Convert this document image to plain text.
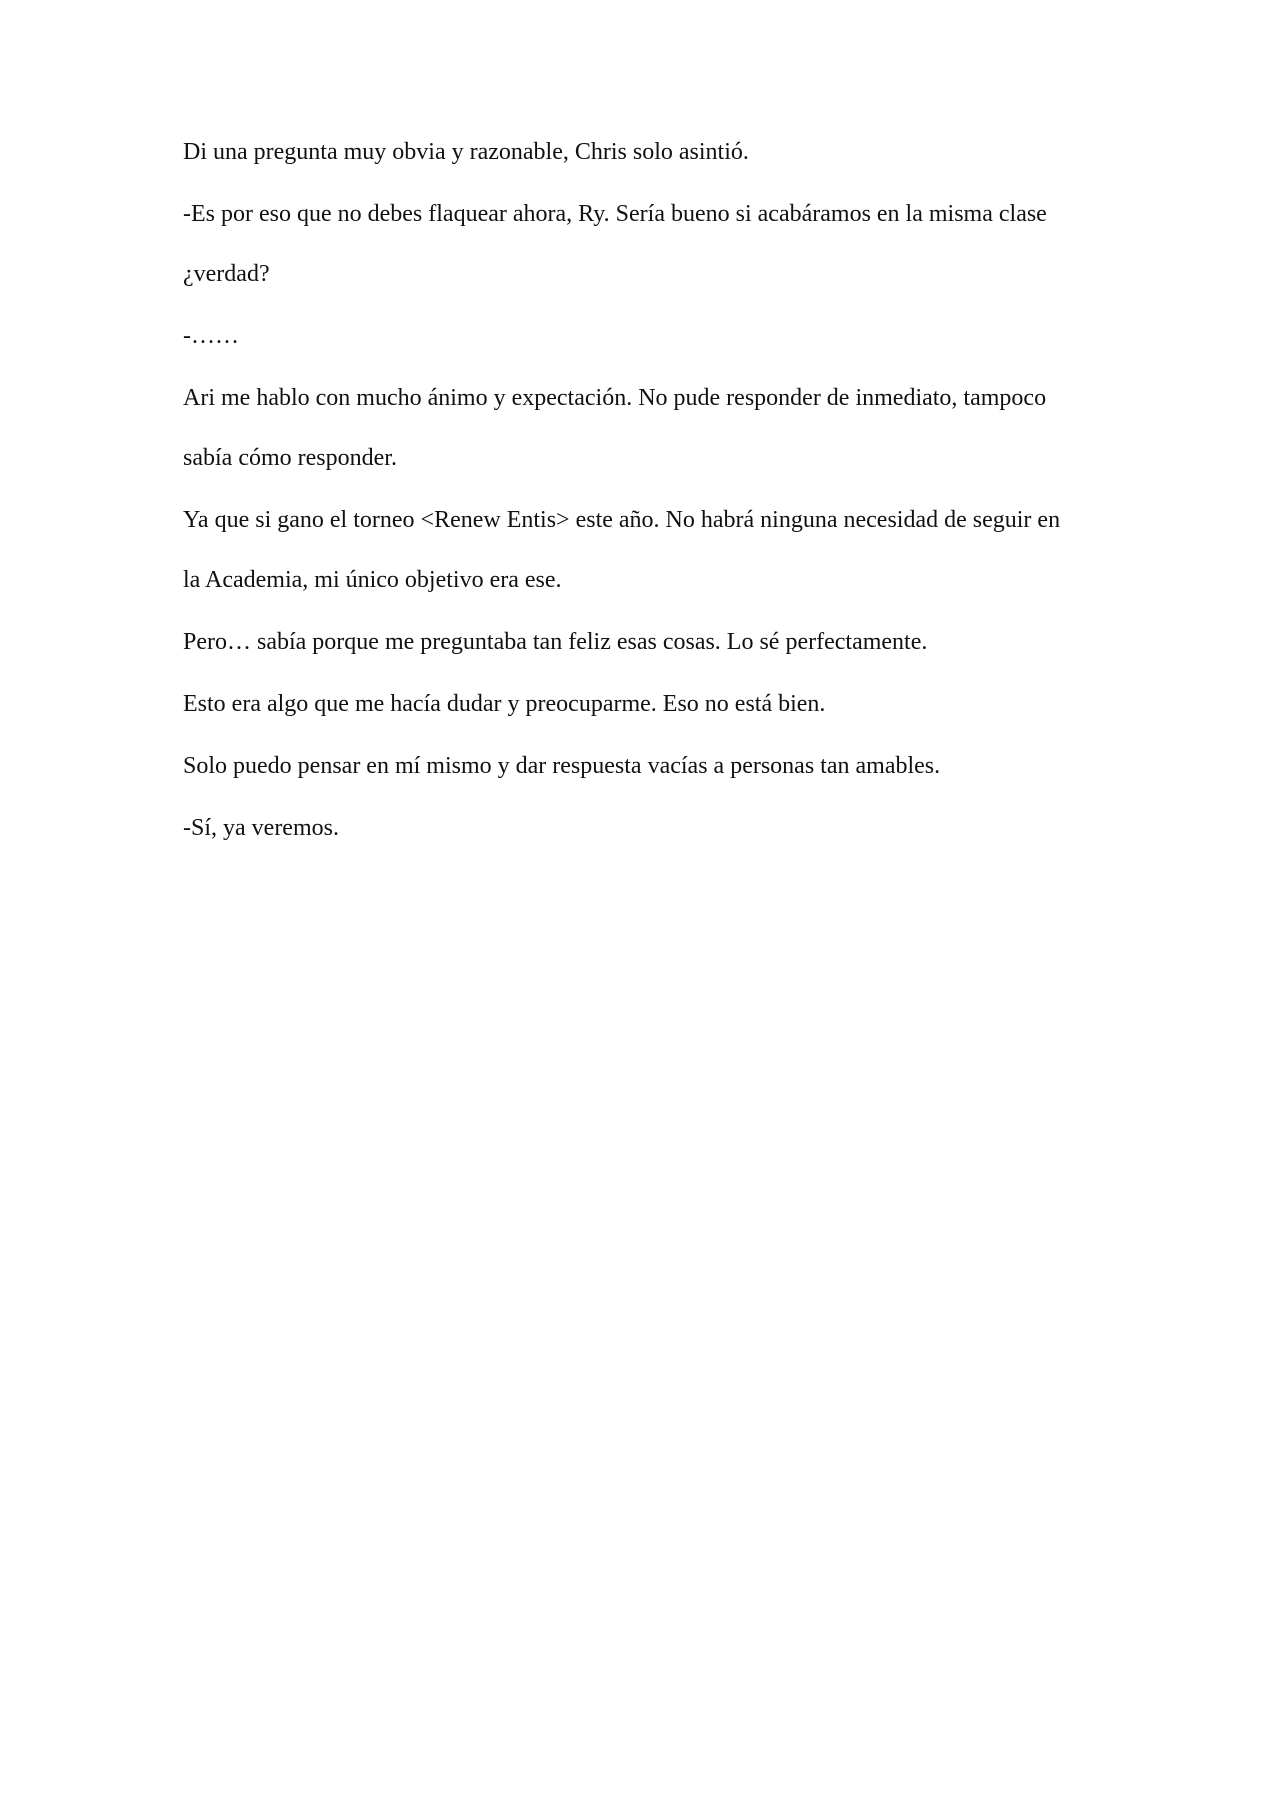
Di una pregunta muy obvia y razonable, Chris solo asintió.

-Es por eso que no debes flaquear ahora, Ry. Sería bueno si acabáramos en la misma clase ¿verdad?

-……

Ari me hablo con mucho ánimo y expectación. No pude responder de inmediato, tampoco sabía cómo responder.

Ya que si gano el torneo <Renew Entis> este año. No habrá ninguna necesidad de seguir en la Academia, mi único objetivo era ese.

Pero… sabía porque me preguntaba tan feliz esas cosas. Lo sé perfectamente.

Esto era algo que me hacía dudar y preocuparme. Eso no está bien.

Solo puedo pensar en mí mismo y dar respuesta vacías a personas tan amables.

-Sí, ya veremos.
